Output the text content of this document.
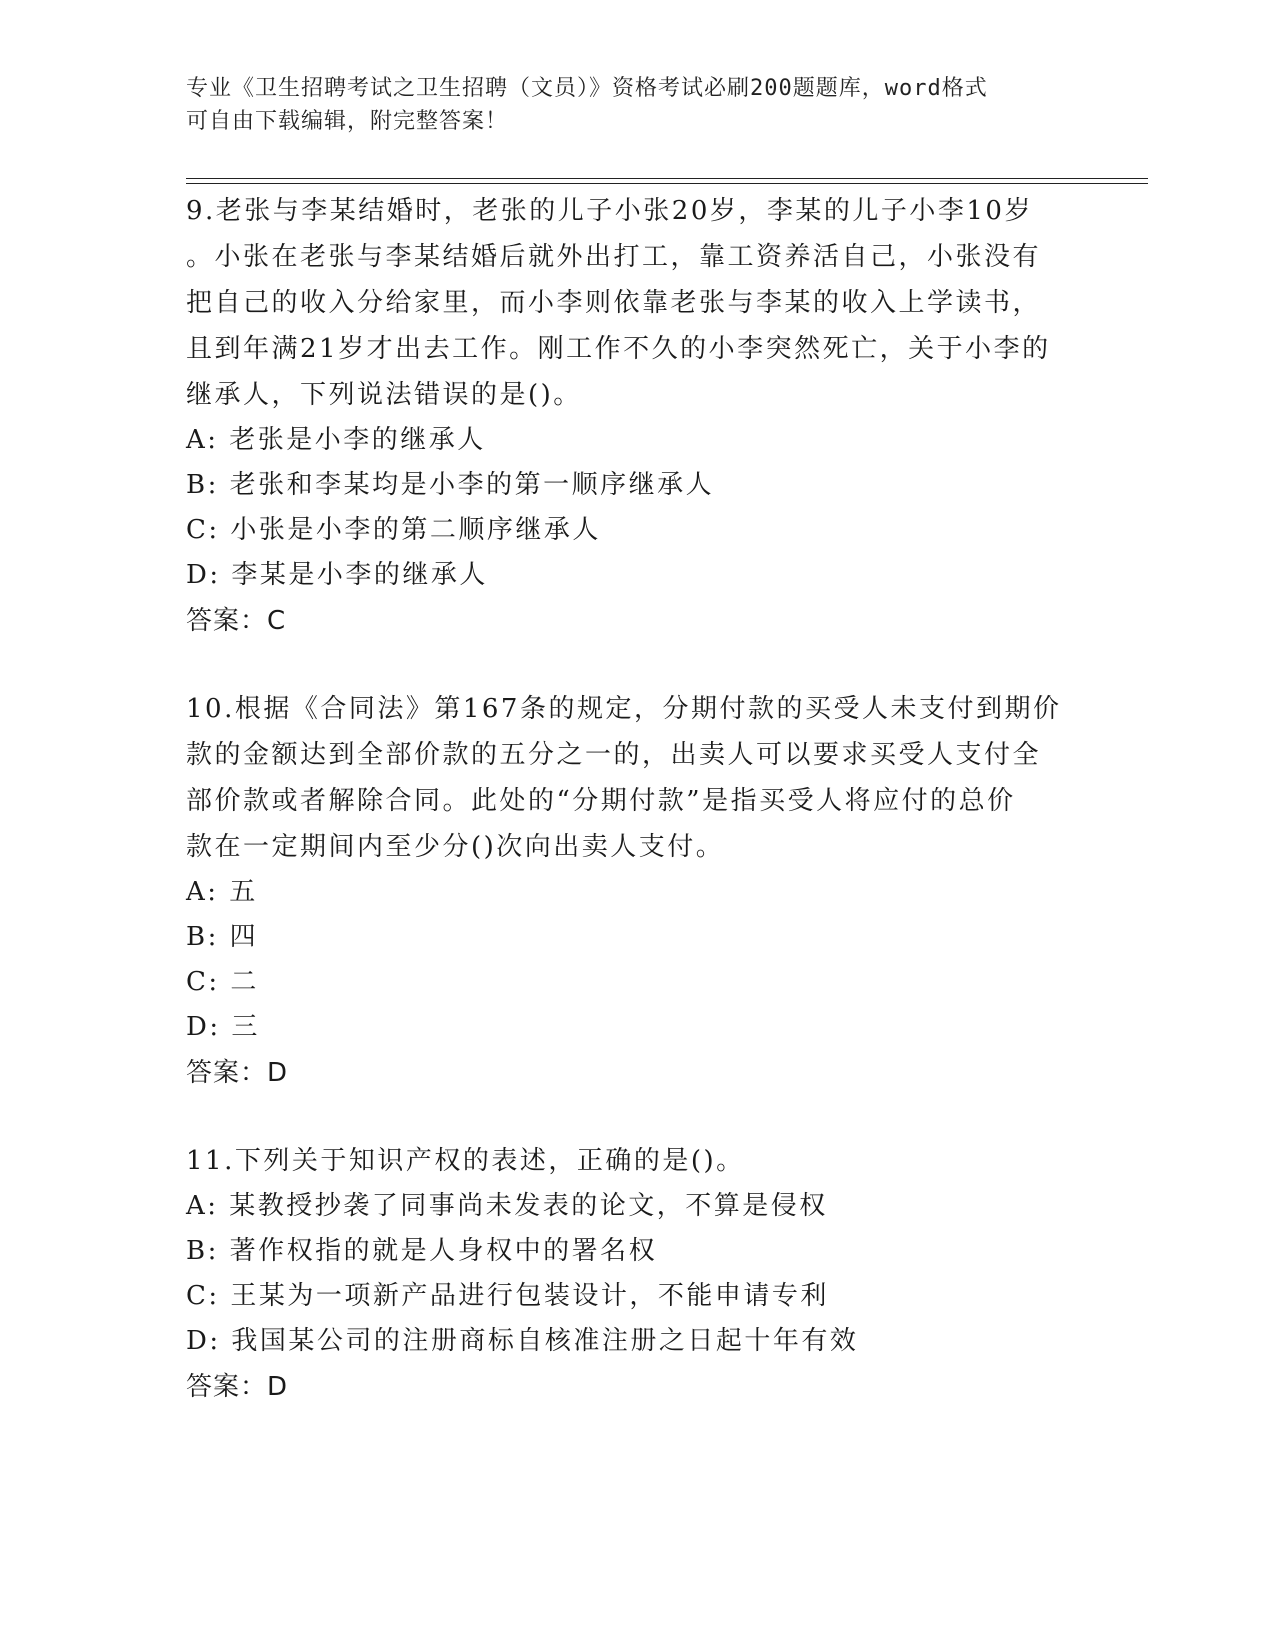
专业《卫生招聘考试之卫生招聘（文员）》资格考试必刷200题题库，word格式
可自由下载编辑，附完整答案！
9.老张与李某结婚时，老张的儿子小张20岁，李某的儿子小李10岁
。小张在老张与李某结婚后就外出打工，靠工资养活自己，小张没有
把自己的收入分给家里，而小李则依靠老张与李某的收入上学读书，
且到年满21岁才出去工作。刚工作不久的小李突然死亡，关于小李的
继承人，下列说法错误的是()。
A: 老张是小李的继承人
B: 老张和李某均是小李的第一顺序继承人
C: 小张是小李的第二顺序继承人
D: 李某是小李的继承人
答案：C
10.根据《合同法》第167条的规定，分期付款的买受人未支付到期价
款的金额达到全部价款的五分之一的，出卖人可以要求买受人支付全
部价款或者解除合同。此处的“分期付款”是指买受人将应付的总价
款在一定期间内至少分()次向出卖人支付。
A: 五
B: 四
C: 二
D: 三
答案：D
11.下列关于知识产权的表述，正确的是()。
A: 某教授抄袭了同事尚未发表的论文，不算是侵权
B: 著作权指的就是人身权中的署名权
C: 王某为一项新产品进行包装设计，不能申请专利
D: 我国某公司的注册商标自核准注册之日起十年有效
答案：D
